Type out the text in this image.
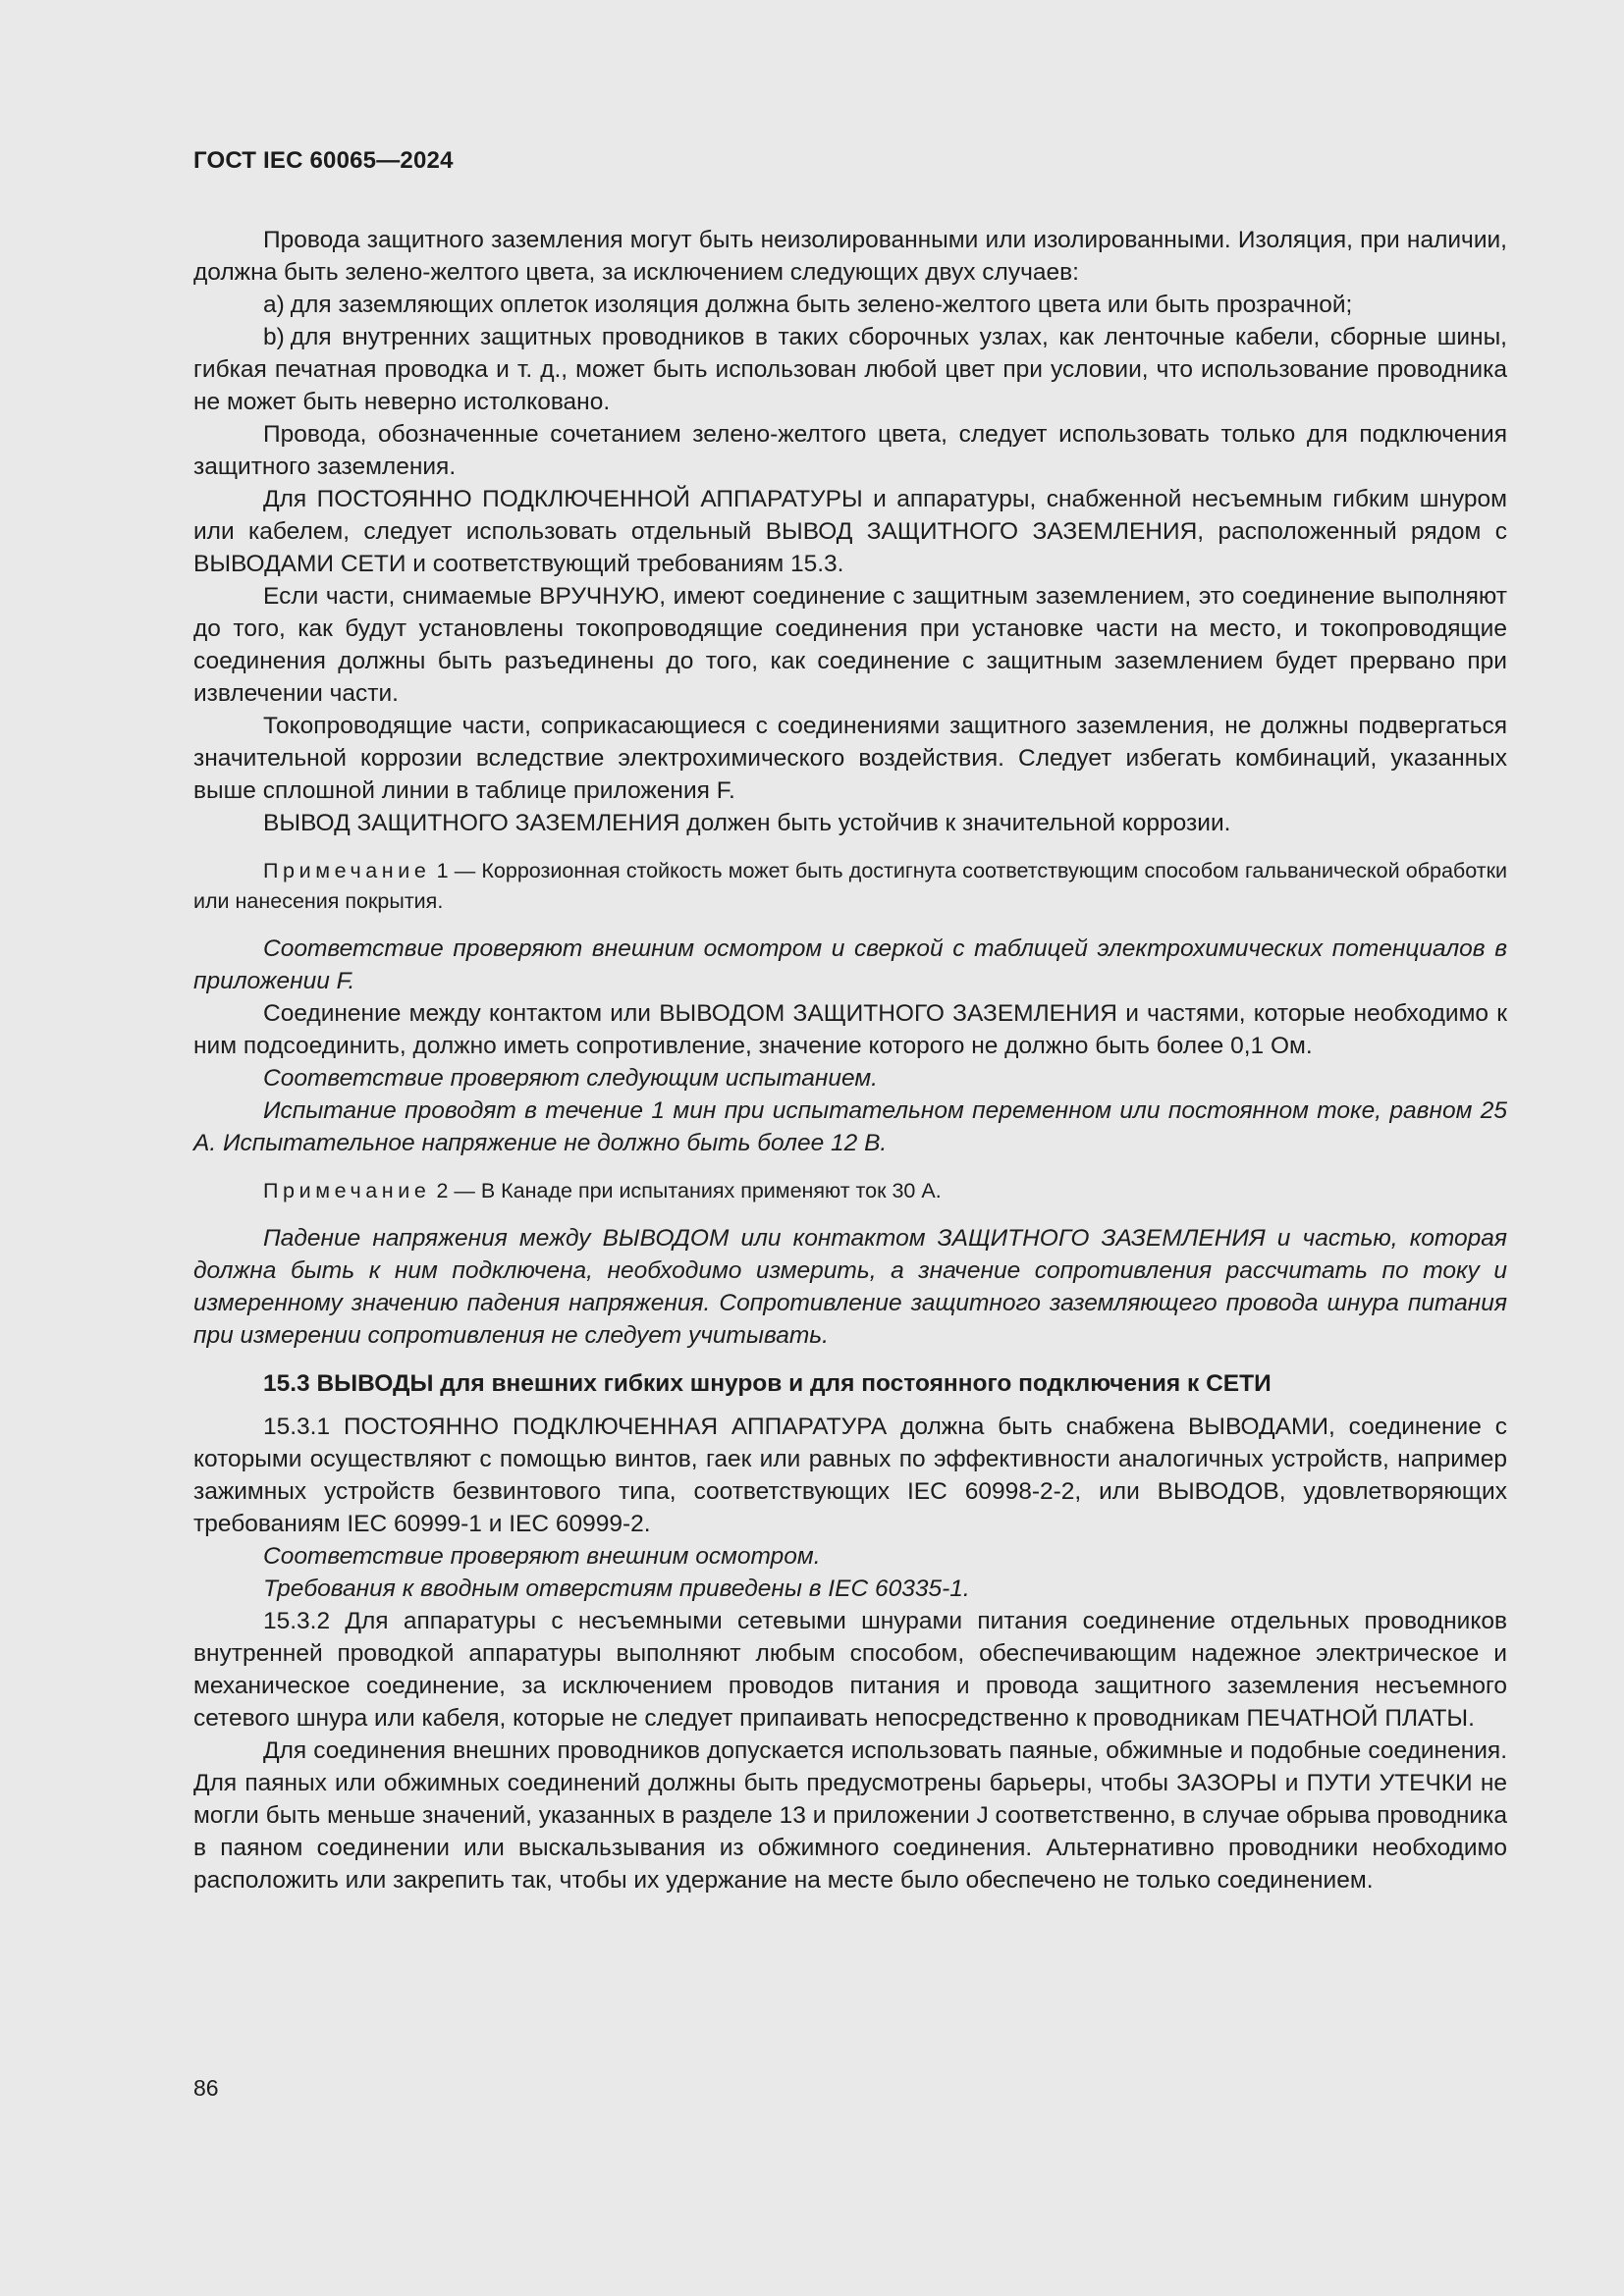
ГОСТ IEC 60065—2024

Провода защитного заземления могут быть неизолированными или изолированными. Изоляция, при наличии, должна быть зелено-желтого цвета, за исключением следующих двух случаев:

a) для заземляющих оплеток изоляция должна быть зелено-желтого цвета или быть прозрачной;

b) для внутренних защитных проводников в таких сборочных узлах, как ленточные кабели, сборные шины, гибкая печатная проводка и т. д., может быть использован любой цвет при условии, что использование проводника не может быть неверно истолковано.

Провода, обозначенные сочетанием зелено-желтого цвета, следует использовать только для подключения защитного заземления.

Для ПОСТОЯННО ПОДКЛЮЧЕННОЙ АППАРАТУРЫ и аппаратуры, снабженной несъемным гибким шнуром или кабелем, следует использовать отдельный ВЫВОД ЗАЩИТНОГО ЗАЗЕМЛЕНИЯ, расположенный рядом с ВЫВОДАМИ СЕТИ и соответствующий требованиям 15.3.

Если части, снимаемые ВРУЧНУЮ, имеют соединение с защитным заземлением, это соединение выполняют до того, как будут установлены токопроводящие соединения при установке части на место, и токопроводящие соединения должны быть разъединены до того, как соединение с защитным заземлением будет прервано при извлечении части.

Токопроводящие части, соприкасающиеся с соединениями защитного заземления, не должны подвергаться значительной коррозии вследствие электрохимического воздействия. Следует избегать комбинаций, указанных выше сплошной линии в таблице приложения F.

ВЫВОД ЗАЩИТНОГО ЗАЗЕМЛЕНИЯ должен быть устойчив к значительной коррозии.

Примечание 1 — Коррозионная стойкость может быть достигнута соответствующим способом гальванической обработки или нанесения покрытия.

Соответствие проверяют внешним осмотром и сверкой с таблицей электрохимических потенциалов в приложении F.

Соединение между контактом или ВЫВОДОМ ЗАЩИТНОГО ЗАЗЕМЛЕНИЯ и частями, которые необходимо к ним подсоединить, должно иметь сопротивление, значение которого не должно быть более 0,1 Ом.

Соответствие проверяют следующим испытанием.

Испытание проводят в течение 1 мин при испытательном переменном или постоянном токе, равном 25 А. Испытательное напряжение не должно быть более 12 В.

Примечание 2 — В Канаде при испытаниях применяют ток 30 А.

Падение напряжения между ВЫВОДОМ или контактом ЗАЩИТНОГО ЗАЗЕМЛЕНИЯ и частью, которая должна быть к ним подключена, необходимо измерить, а значение сопротивления рассчитать по току и измеренному значению падения напряжения. Сопротивление защитного заземляющего провода шнура питания при измерении сопротивления не следует учитывать.

15.3 ВЫВОДЫ для внешних гибких шнуров и для постоянного подключения к СЕТИ

15.3.1 ПОСТОЯННО ПОДКЛЮЧЕННАЯ АППАРАТУРА должна быть снабжена ВЫВОДАМИ, соединение с которыми осуществляют с помощью винтов, гаек или равных по эффективности аналогичных устройств, например зажимных устройств безвинтового типа, соответствующих IEC 60998-2-2, или ВЫВОДОВ, удовлетворяющих требованиям IEC 60999-1 и IEC 60999-2.

Соответствие проверяют внешним осмотром.

Требования к вводным отверстиям приведены в IEC 60335-1.

15.3.2 Для аппаратуры с несъемными сетевыми шнурами питания соединение отдельных проводников внутренней проводкой аппаратуры выполняют любым способом, обеспечивающим надежное электрическое и механическое соединение, за исключением проводов питания и провода защитного заземления несъемного сетевого шнура или кабеля, которые не следует припаивать непосредственно к проводникам ПЕЧАТНОЙ ПЛАТЫ.

Для соединения внешних проводников допускается использовать паяные, обжимные и подобные соединения. Для паяных или обжимных соединений должны быть предусмотрены барьеры, чтобы ЗАЗОРЫ и ПУТИ УТЕЧКИ не могли быть меньше значений, указанных в разделе 13 и приложении J соответственно, в случае обрыва проводника в паяном соединении или выскальзывания из обжимного соединения. Альтернативно проводники необходимо расположить или закрепить так, чтобы их удержание на месте было обеспечено не только соединением.

86
